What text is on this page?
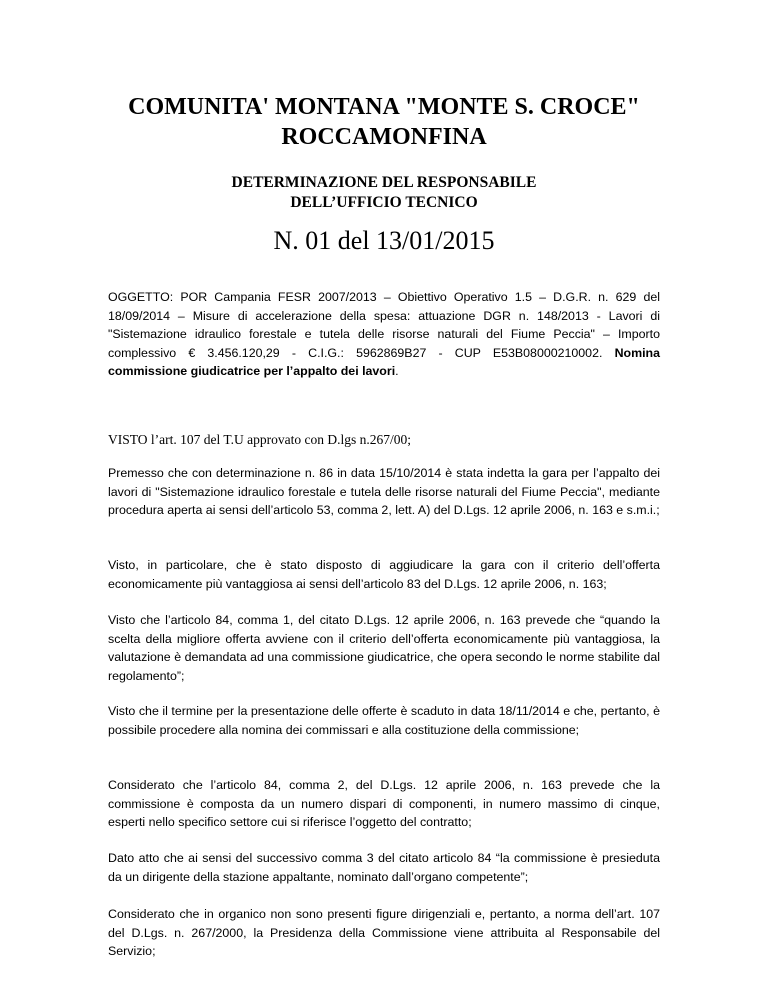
COMUNITA' MONTANA "MONTE S. CROCE"
ROCCAMONFINA
DETERMINAZIONE DEL RESPONSABILE
DELL’UFFICIO TECNICO
N. 01 del 13/01/2015

OGGETTO: POR Campania FESR 2007/2013 – Obiettivo Operativo 1.5 – D.G.R. n. 629 del 18/09/2014 – Misure di accelerazione della spesa: attuazione DGR n. 148/2013 - Lavori di "Sistemazione idraulico forestale e tutela delle risorse naturali del Fiume Peccia" – Importo complessivo € 3.456.120,29 - C.I.G.: 5962869B27 - CUP E53B08000210002. Nomina commissione giudicatrice per l’appalto dei lavori.

VISTO l’art. 107 del T.U approvato con D.lgs n.267/00;

Premesso che con determinazione n. 86 in data 15/10/2014 è stata indetta la gara per l’appalto dei lavori di "Sistemazione idraulico forestale e tutela delle risorse naturali del Fiume Peccia", mediante procedura aperta ai sensi dell’articolo 53, comma 2, lett. A) del D.Lgs. 12 aprile 2006, n. 163 e s.m.i.;

Visto, in particolare, che è stato disposto di aggiudicare la gara con il criterio dell’offerta economicamente più vantaggiosa ai sensi dell’articolo 83 del D.Lgs. 12 aprile 2006, n. 163;

Visto che l’articolo 84, comma 1, del citato D.Lgs. 12 aprile 2006, n. 163 prevede che “quando la scelta della migliore offerta avviene con il criterio dell’offerta economicamente più vantaggiosa, la valutazione è demandata ad una commissione giudicatrice, che opera secondo le norme stabilite dal regolamento”;

Visto che il termine per la presentazione delle offerte è scaduto in data 18/11/2014 e che, pertanto, è possibile procedere alla nomina dei commissari e alla costituzione della commissione;

Considerato che l’articolo 84, comma 2, del D.Lgs. 12 aprile 2006, n. 163 prevede che la commissione è composta da un numero dispari di componenti, in numero massimo di cinque, esperti nello specifico settore cui si riferisce l’oggetto del contratto;

Dato atto che ai sensi del successivo comma 3 del citato articolo 84 “la commissione è presieduta da un dirigente della stazione appaltante, nominato dall’organo competente”;

Considerato che in organico non sono presenti figure dirigenziali e, pertanto, a norma dell’art. 107 del D.Lgs. n. 267/2000, la Presidenza della Commissione viene attribuita al Responsabile del Servizio;
